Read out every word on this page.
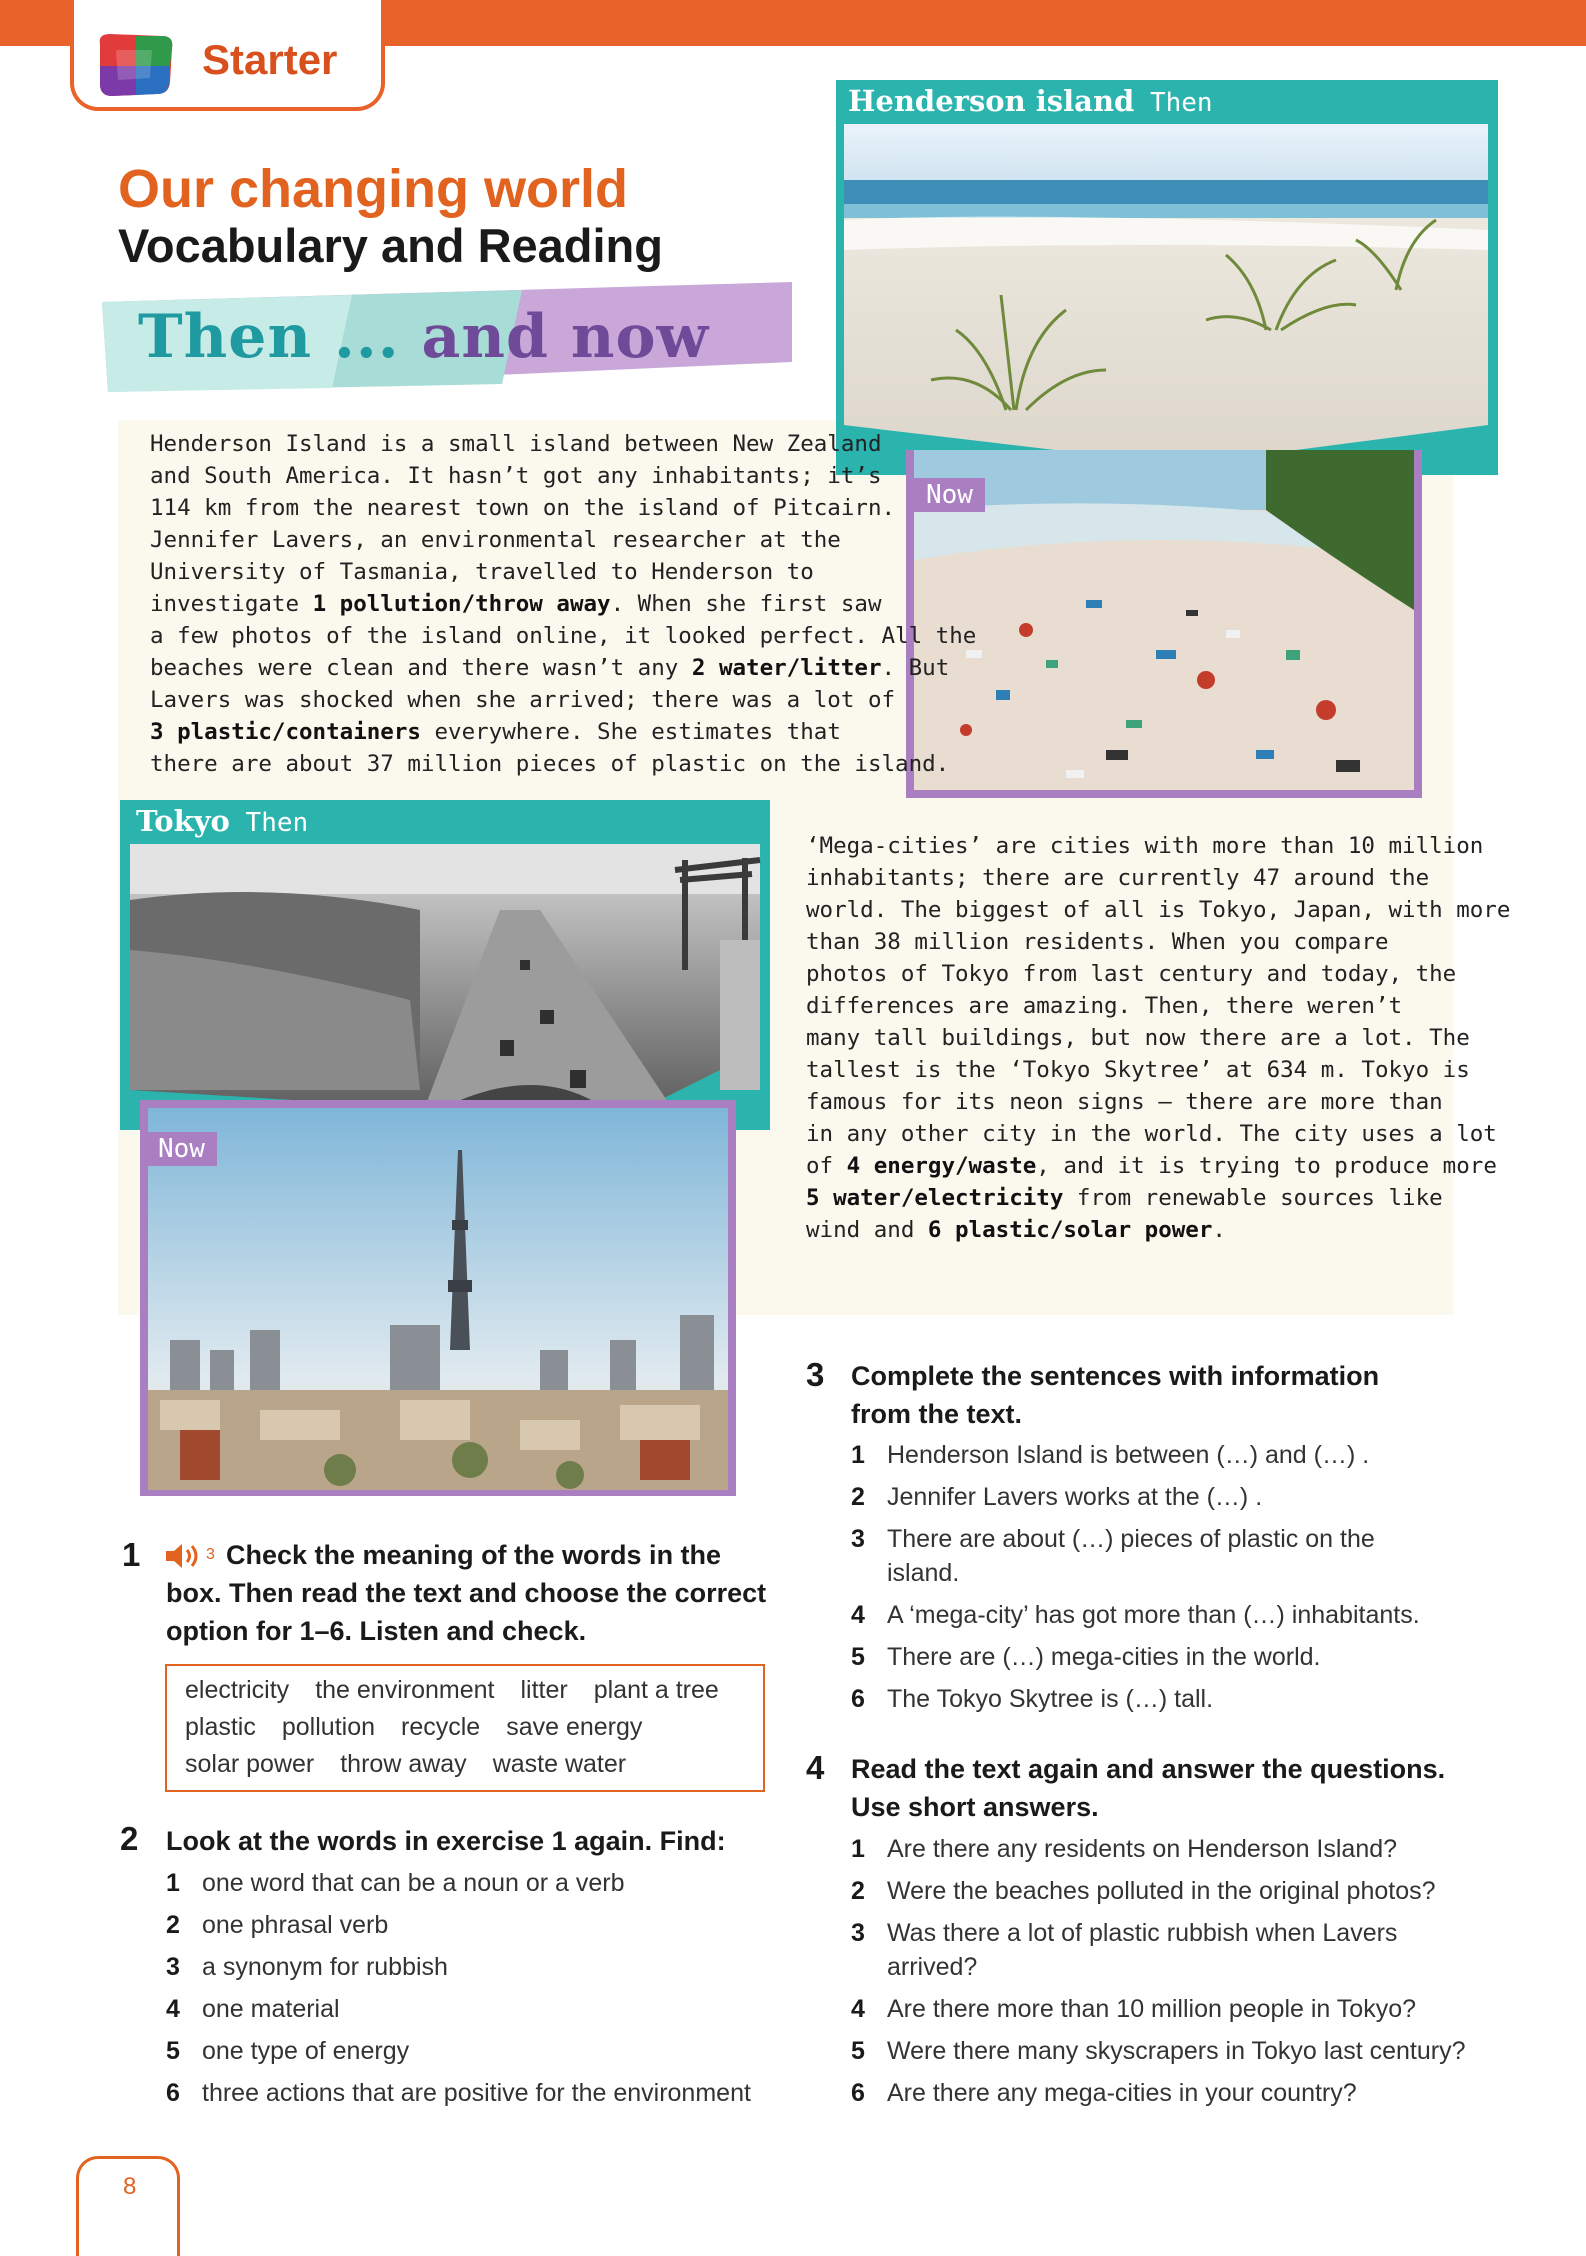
Starter
Our changing world
Vocabulary and Reading
Then ... and now
Henderson island Then
Now
Henderson Island is a small island between New Zealand
and South America. It hasn’t got any inhabitants; it’s
114 km from the nearest town on the island of Pitcairn.
Jennifer Lavers, an environmental researcher at the
University of Tasmania, travelled to Henderson to
investigate 1 pollution/throw away. When she first saw
a few photos of the island online, it looked perfect. All the
beaches were clean and there wasn’t any 2 water/litter. But
Lavers was shocked when she arrived; there was a lot of
3 plastic/containers everywhere. She estimates that
there are about 37 million pieces of plastic on the island.
Tokyo Then
Now
‘Mega-cities’ are cities with more than 10 million
inhabitants; there are currently 47 around the
world. The biggest of all is Tokyo, Japan, with more
than 38 million residents. When you compare
photos of Tokyo from last century and today, the
differences are amazing. Then, there weren’t
many tall buildings, but now there are a lot. The
tallest is the ‘Tokyo Skytree’ at 634 m. Tokyo is
famous for its neon signs – there are more than
in any other city in the world. The city uses a lot
of 4 energy/waste, and it is trying to produce more
5 water/electricity from renewable sources like
wind and 6 plastic/solar power.
1	3 Check the meaning of the words in the
box. Then read the text and choose the correct
option for 1–6. Listen and check.
electricity the environment litter plant a tree
plastic pollution recycle save energy
solar power throw away waste water
2 Look at the words in exercise 1 again. Find:
1 one word that can be a noun or a verb
2 one phrasal verb
3 a synonym for rubbish
4 one material
5 one type of energy
6 three actions that are positive for the environment
3 Complete the sentences with information
from the text.
1 Henderson Island is between (…) and (…) .
2 Jennifer Lavers works at the (…) .
3 There are about (…) pieces of plastic on the island.
4 A ‘mega-city’ has got more than (…) inhabitants.
5 There are (…) mega-cities in the world.
6 The Tokyo Skytree is (…) tall.
4 Read the text again and answer the questions.
Use short answers.
1 Are there any residents on Henderson Island?
2 Were the beaches polluted in the original photos?
3 Was there a lot of plastic rubbish when Lavers arrived?
4 Are there more than 10 million people in Tokyo?
5 Were there many skyscrapers in Tokyo last century?
6 Are there any mega-cities in your country?
8
